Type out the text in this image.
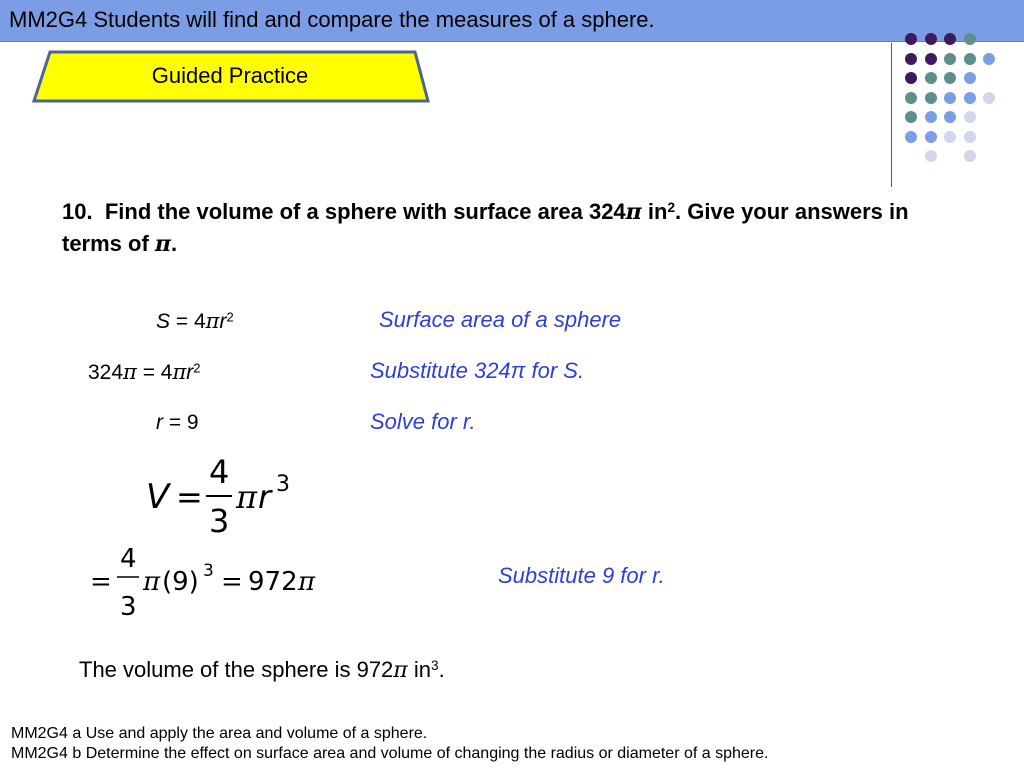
MM2G4 Students will find and compare the measures of a sphere.
Guided Practice
10. Find the volume of a sphere with surface area 324π $in^2$. Give your answers in terms of π.
$S = 4\pi r^2$	Surface area of a sphere
$324\pi = 4\pi r^2$	Substitute 324π for S.
r = 9	Solve for r.
V =
4
3
π r 3
=
4
3
π (9) 3 = 972 π	Substitute 9 for r.
The volume of the sphere is 972π $in^3$.
MM2G4 a Use and apply the area and volume of a sphere.
MM2G4 b Determine the effect on surface area and volume of changing the radius or diameter of a sphere.
